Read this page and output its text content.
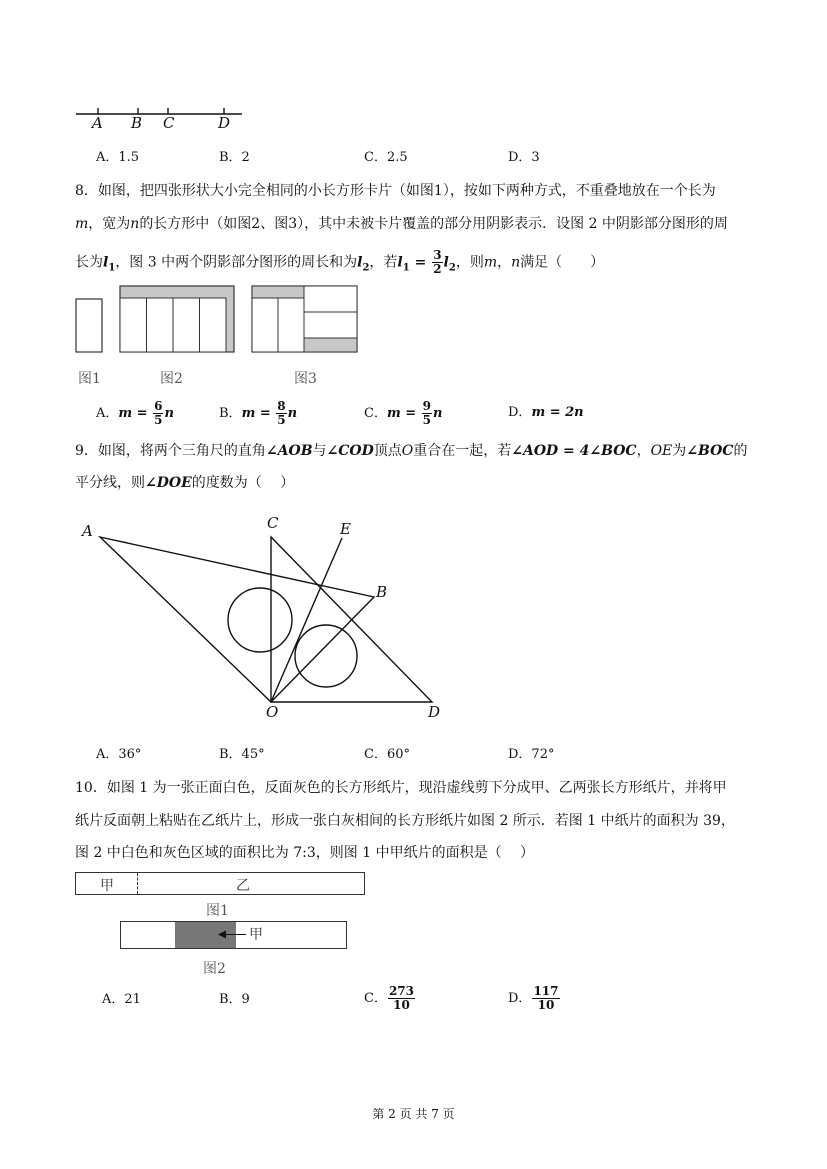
A B C	D
A．1.5	B．2	C．2.5	D．3
8．如图，把四张形状大小完全相同的小长方形卡片（如图1），按如下两种方式，不重叠地放在一个长为
m，宽为n的长方形中（如图2、图3），其中未被卡片覆盖的部分用阴影表示．设图 2 中阴影部分图形的周
长为$l_1$，图 3 中两个阴影部分图形的周长和为$l_2$，若$l_1 = \frac{3}{2} l_2$，则m，n满足（　　）
图1	图2	图3
A．$m = \frac{6}{5}$ n	B．$m = \frac{8}{5}$ n	C．$m = \frac{9}{5}$ n	D．m = 2n
9．如图，将两个三角尺的直角∠AOB与∠COD顶点O重合在一起，若∠AOD = 4∠BOC，OE为∠BOC的
平分线，则∠DOE的度数为（　 ）
A	C	E
B
O	D
A．36°	B．45°	C．60°	D．72°
10．如图 1 为一张正面白色，反面灰色的长方形纸片，现沿虚线剪下分成甲、乙两张长方形纸片，并将甲
纸片反面朝上粘贴在乙纸片上，形成一张白灰相间的长方形纸片如图 2 所示．若图 1 中纸片的面积为 39，
图 2 中白色和灰色区域的面积比为 7:3，则图 1 中甲纸片的面积是（　 ）
甲	乙
图1
甲
图2
A．21	B．9	C． $\frac{273}{10}$	D． $\frac{117}{10}$
第 2 页 共 7 页
